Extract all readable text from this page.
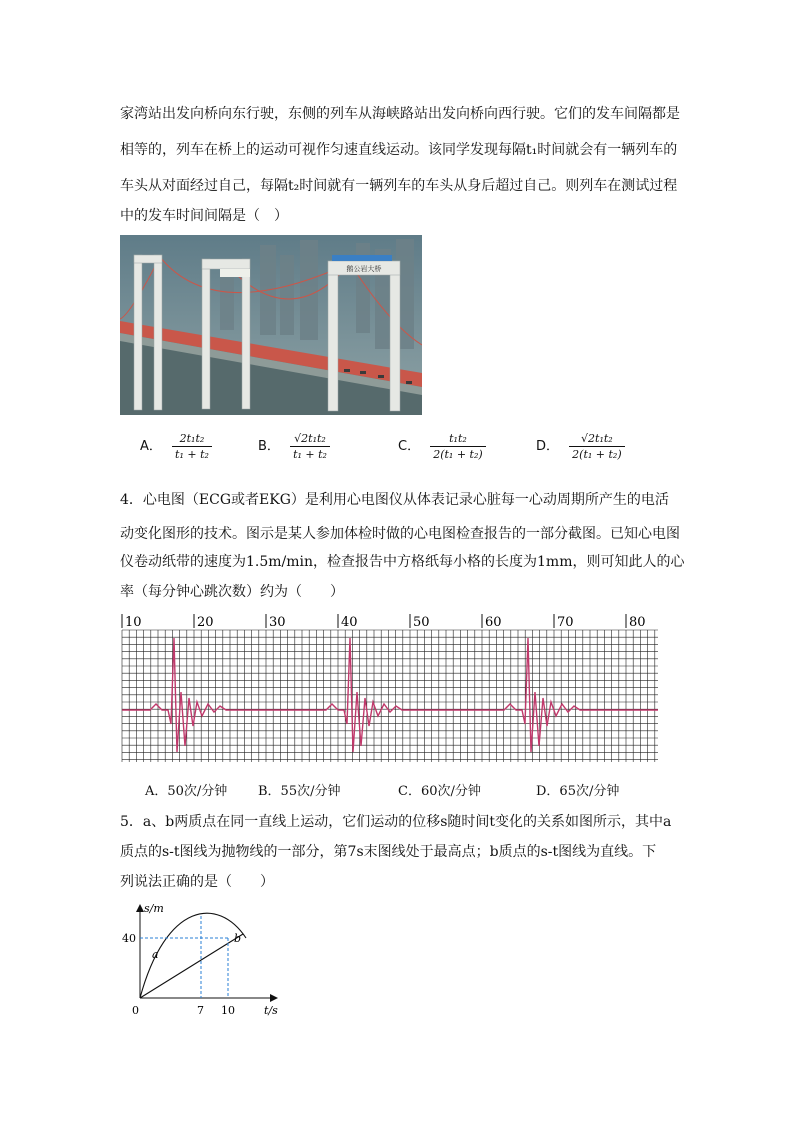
家湾站出发向桥向东行驶，东侧的列车从海峡路站出发向桥向西行驶。它们的发车间隔都是
相等的，列车在桥上的运动可视作匀速直线运动。该同学发现每隔t₁时间就会有一辆列车的
车头从对面经过自己，每隔t₂时间就有一辆列车的车头从身后超过自己。则列车在测试过程
中的发车时间间隔是（　）
鹅公岩大桥
A． $\frac{\text{2t₁t₂}}{\text{t₁ + t₂}}$	B． $\frac{\text{√2t₁t₂}}{\text{t₁ + t₂}}$	C． $\frac{\text{t₁t₂}}{\text{2(t₁ + t₂)}}$	D． $\frac{\text{√2t₁t₂}}{\text{2(t₁ + t₂)}}$
4．心电图（ECG或者EKG）是利用心电图仪从体表记录心脏每一心动周期所产生的电活
动变化图形的技术。图示是某人参加体检时做的心电图检查报告的一部分截图。已知心电图
仪卷动纸带的速度为1.5m/min，检查报告中方格纸每小格的长度为1mm，则可知此人的心
率（每分钟心跳次数）约为（　　）
10	20	30	40	50	60	70	80
A．50次/分钟 B．55次/分钟	C．60次/分钟	D．65次/分钟
5．a、b两质点在同一直线上运动，它们运动的位移s随时间t变化的关系如图所示，其中a
质点的s-t图线为抛物线的一部分，第7s末图线处于最高点；b质点的s-t图线为直线。下
列说法正确的是（　　）
s/m
t/s
0
40
7 10
a
b
